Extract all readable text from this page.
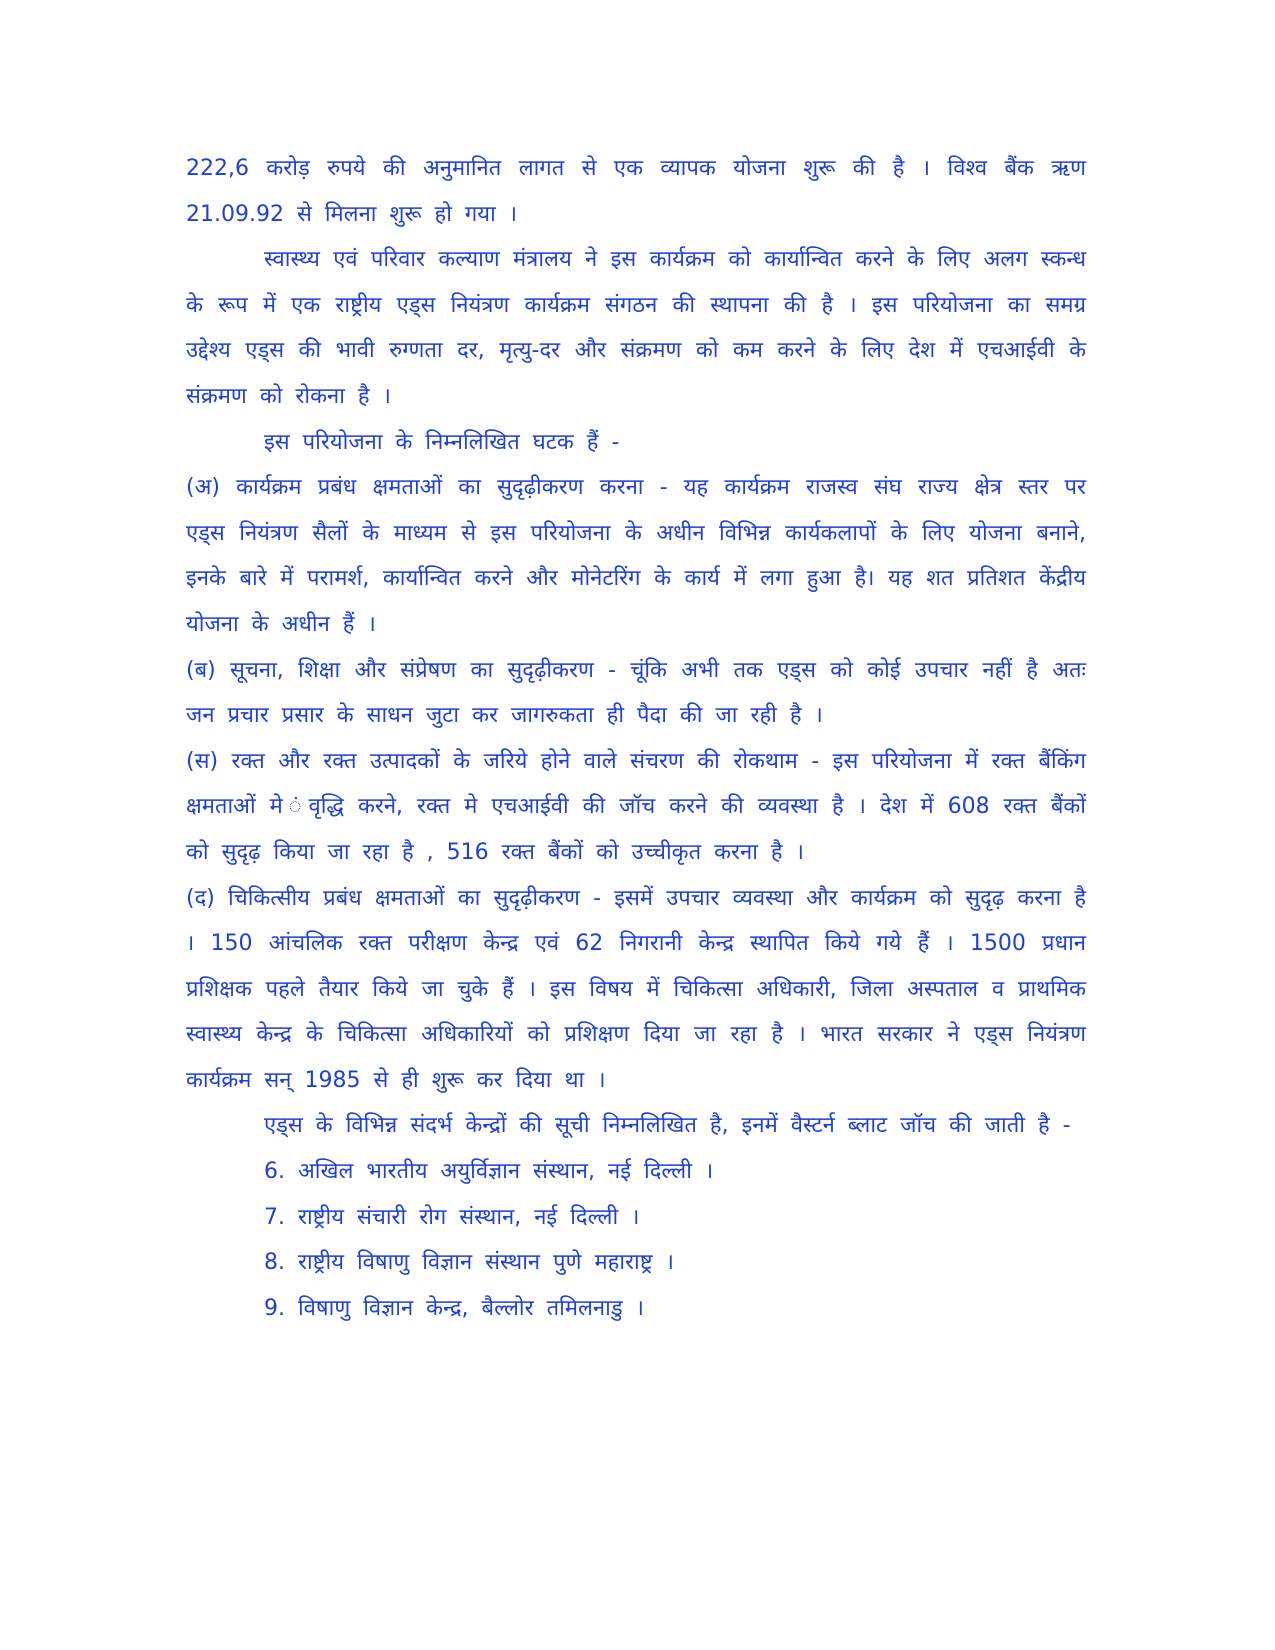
222,6 करोड़ रुपये की अनुमानित लागत से एक व्यापक योजना शुरू की है । विश्व बैंक ऋण 21.09.92 से मिलना शुरू हो गया ।

स्वास्थ्य एवं परिवार कल्याण मंत्रालय ने इस कार्यक्रम को कार्यान्वित करने के लिए अलग स्कन्ध के रूप में एक राष्ट्रीय एड्स नियंत्रण कार्यक्रम संगठन की स्थापना की है । इस परियोजना का समग्र उद्देश्य एड्स की भावी रुग्णता दर, मृत्यु-दर और संक्रमण को कम करने के लिए देश में एचआईवी के संक्रमण को रोकना है ।

इस परियोजना के निम्नलिखित घटक हैं -

(अ) कार्यक्रम प्रबंध क्षमताओं का सुदृढ़ीकरण करना - यह कार्यक्रम राजस्व संघ राज्य क्षेत्र स्तर पर एड्स नियंत्रण सैलों के माध्यम से इस परियोजना के अधीन विभिन्न कार्यकलापों के लिए योजना बनाने, इनके बारे में परामर्श, कार्यान्वित करने और मोनेटरिंग के कार्य में लगा हुआ है। यह शत प्रतिशत केंद्रीय योजना के अधीन हैं ।

(ब) सूचना, शिक्षा और संप्रेषण का सुदृढ़ीकरण - चूंकि अभी तक एड्स को कोई उपचार नहीं है अतः जन प्रचार प्रसार के साधन जुटा कर जागरुकता ही पैदा की जा रही है ।

(स) रक्त और रक्त उत्पादकों के जरिये होने वाले संचरण की रोकथाम - इस परियोजना में रक्त बैंकिंग क्षमताओं मे ंवृद्धि करने, रक्त मे एचआईवी की जॉच करने की व्यवस्था है । देश में 608 रक्त बैंकों को सुदृढ़ किया जा रहा है , 516 रक्त बैंकों को उच्चीकृत करना है ।

(द) चिकित्सीय प्रबंध क्षमताओं का सुदृढ़ीकरण - इसमें उपचार व्यवस्था और कार्यक्रम को सुदृढ़ करना है । 150 आंचलिक रक्त परीक्षण केन्द्र एवं 62 निगरानी केन्द्र स्थापित किये गये हैं । 1500 प्रधान प्रशिक्षक पहले तैयार किये जा चुके हैं । इस विषय में चिकित्सा अधिकारी, जिला अस्पताल व प्राथमिक स्वास्थ्य केन्द्र के चिकित्सा अधिकारियों को प्रशिक्षण दिया जा रहा है । भारत सरकार ने एड्स नियंत्रण कार्यक्रम सन् 1985 से ही शुरू कर दिया था ।

एड्स के विभिन्न संदर्भ केन्द्रों की सूची निम्नलिखित है, इनमें वैस्टर्न ब्लाट जॉच की जाती है -

6. अखिल भारतीय अयुर्विज्ञान संस्थान, नई दिल्ली ।
7. राष्ट्रीय संचारी रोग संस्थान, नई दिल्ली ।
8. राष्ट्रीय विषाणु विज्ञान संस्थान पुणे महाराष्ट्र ।
9. विषाणु विज्ञान केन्द्र, बैल्लोर तमिलनाडु ।
